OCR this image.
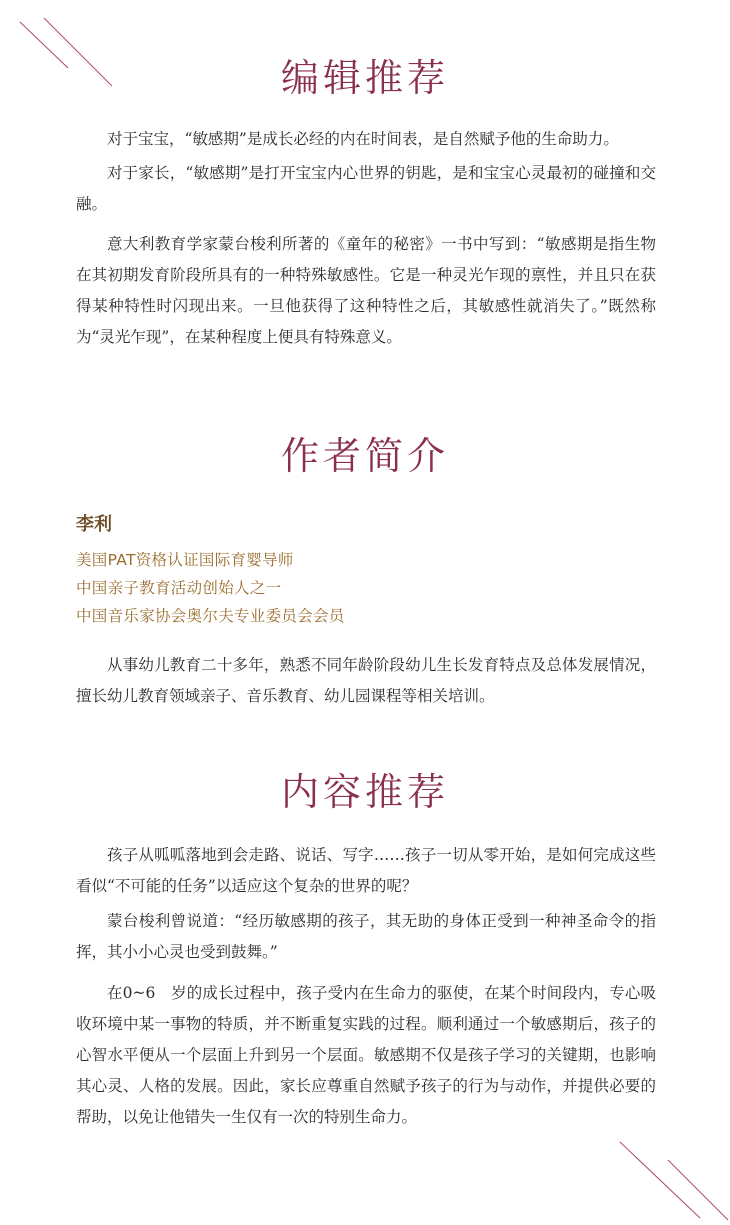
编辑推荐

对于宝宝，“敏感期”是成长必经的内在时间表，是自然赋予他的生命助力。

对于家长，“敏感期”是打开宝宝内心世界的钥匙，是和宝宝心灵最初的碰撞和交融。

意大利教育学家蒙台梭利所著的《童年的秘密》一书中写到：“敏感期是指生物在其初期发育阶段所具有的一种特殊敏感性。它是一种灵光乍现的禀性，并且只在获得某种特性时闪现出来。一旦他获得了这种特性之后，其敏感性就消失了。”既然称为“灵光乍现”，在某种程度上便具有特殊意义。

作者简介
李利
美国PAT资格认证国际育婴导师
中国亲子教育活动创始人之一
中国音乐家协会奥尔夫专业委员会会员

从事幼儿教育二十多年，熟悉不同年龄阶段幼儿生长发育特点及总体发展情况，擅长幼儿教育领域亲子、音乐教育、幼儿园课程等相关培训。

内容推荐

孩子从呱呱落地到会走路、说话、写字……孩子一切从零开始，是如何完成这些看似“不可能的任务”以适应这个复杂的世界的呢？

蒙台梭利曾说道：“经历敏感期的孩子，其无助的身体正受到一种神圣命令的指挥，其小小心灵也受到鼓舞。”

在0~6　岁的成长过程中，孩子受内在生命力的驱使，在某个时间段内，专心吸收环境中某一事物的特质，并不断重复实践的过程。顺利通过一个敏感期后，孩子的心智水平便从一个层面上升到另一个层面。敏感期不仅是孩子学习的关键期，也影响其心灵、人格的发展。因此，家长应尊重自然赋予孩子的行为与动作，并提供必要的帮助，以免让他错失一生仅有一次的特别生命力。
